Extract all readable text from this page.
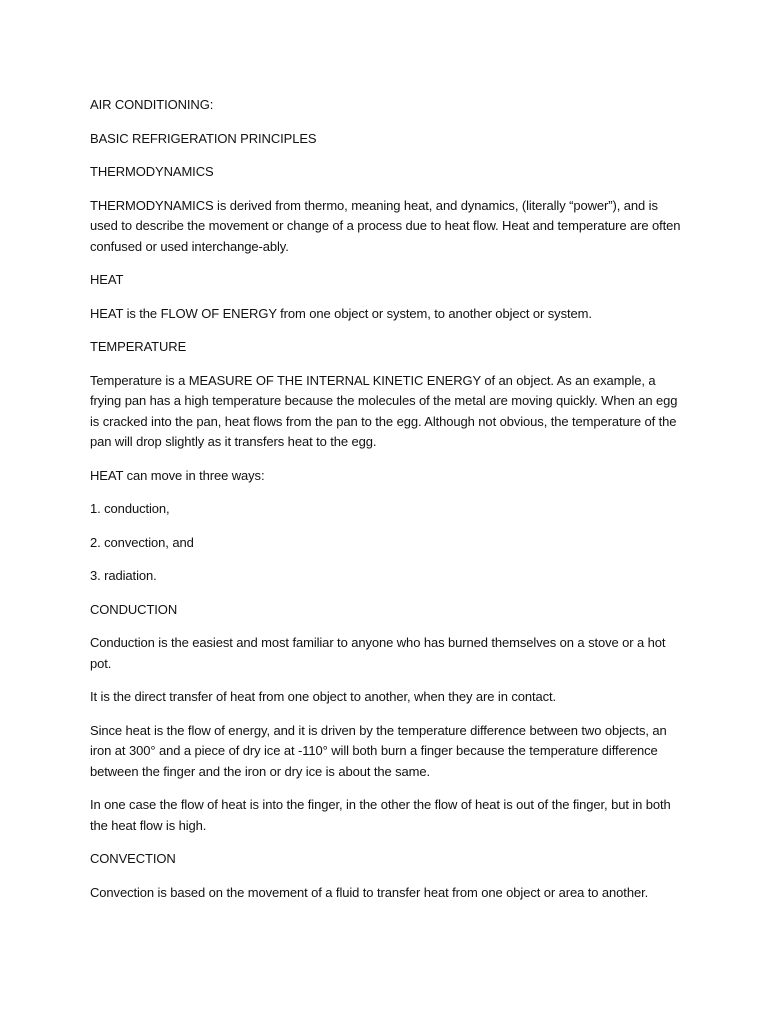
AIR CONDITIONING:

BASIC REFRIGERATION PRINCIPLES

THERMODYNAMICS

THERMODYNAMICS is derived from thermo, meaning heat, and dynamics, (literally “power”), and is used to describe the movement or change of a process due to heat flow. Heat and temperature are often confused or used interchange-ably.

HEAT

HEAT is the FLOW OF ENERGY from one object or system, to another object or system.

TEMPERATURE

Temperature is a MEASURE OF THE INTERNAL KINETIC ENERGY of an object. As an example, a frying pan has a high temperature because the molecules of the metal are moving quickly. When an egg is cracked into the pan, heat flows from the pan to the egg. Although not obvious, the temperature of the pan will drop slightly as it transfers heat to the egg.

HEAT can move in three ways:

1. conduction,

2. convection, and

3. radiation.

CONDUCTION

Conduction is the easiest and most familiar to anyone who has burned themselves on a stove or a hot pot.

It is the direct transfer of heat from one object to another, when they are in contact.

Since heat is the flow of energy, and it is driven by the temperature difference between two objects, an iron at 300° and a piece of dry ice at -110° will both burn a finger because the temperature difference between the finger and the iron or dry ice is about the same.

In one case the flow of heat is into the finger, in the other the flow of heat is out of the finger, but in both the heat flow is high.

CONVECTION

Convection is based on the movement of a fluid to transfer heat from one object or area to another.
